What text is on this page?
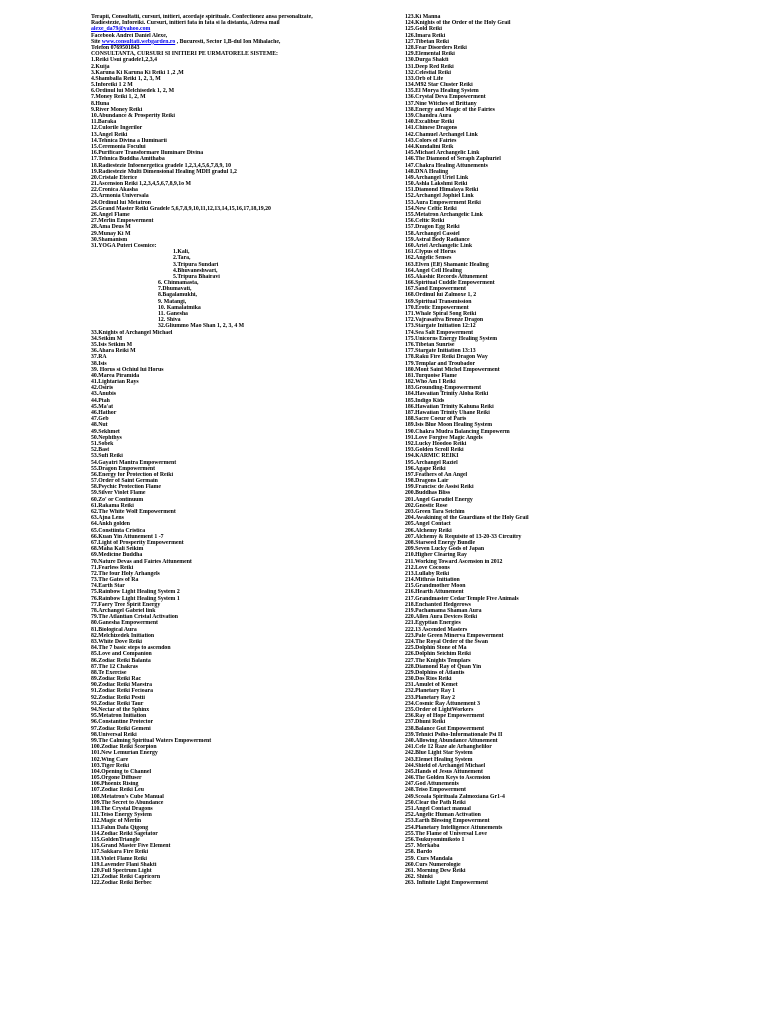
Terapii, Consultatii, cursuri, initieri, acordaje spirituale. Confectionez ansa personalizate,
Radiestezie, Inforeiki. Cursuri, initieri fata in fata si la distanta, Adresa mail
alexe_da79@yahoo.com
Facebook Andrei Daniel Alexe,
Site www.consultati.webgarden.ro , Bucuresti, Sector 1,B-dul Ion Mihalache,
Telefon 0769501843
CONSULTANTA, CURSURI SI INITIERI PE URMATORELE SISTEME:
1.Reiki Usui gradele1,2,3,4
2.Kuija
3.Karuna Ki Karuna Ki Reiki 1 ,2 ,M
4.Shamballa Reiki 1, 2, 3, M
5.Inforeiki 1 2 M
6.Ordinul lui Melchisedek 1, 2, M
7.Money Reiki 1, 2, M
8.Huna
9.River Money Reiki
10.Abundance & Prosperity Reiki
11.Baraka
12.Culorile Ingerilor
13.Angel Reiki
14.Tehnica Divina a Iluminarii
15.Ceremonia Focului
16.Purificare Transformare Iluminare Divina
17.Tehnica Buddha Amithaba
18.Radiestezie Infoenergetica gradele 1,2,3,4,5,6,7,8,9, 10
19.Radiestezie Multi Dimensional Healing MDH gradul 1,2
20.Cristale Eterice
21.Ascension Reiki 1,2,3,4,5,6,7,8,9,1o M
22.Cronica Akasha
23.Armonia Universala
24.Ordinul lui Metatron
25.Grand Master Reiki Gradele 5,6,7,8,9,10,11,12,13,14,15,16,17,18,19,20
26.Angel Flame
27.Merlin Empowerment
28.Ama Deus M
29.Munay Ki M
30.Shamanism
31.YOGA Puteri Cosmice:
1.Kali,
2.Tara,
3.Tripura Sundari
4.Bhuvaneshwari,
5.Tripura Bhairavi
6. Chinnamasta,
7.Dhumavati,
8.Bagalamukhi,
9. Matangi,
10. Kamalatmika
11. Ganesha
12. Shiva
32.Gliummo Mao Shan 1, 2, 3, 4 M
33.Knights of Archangel Michael
34.Seikim M
35.Isis Seikim M
36.Ahara Reiki M
37.RA
38.Isis
39. Horus si Ochiul lui Horus
40.Marea Piramida
41.Lightarian Rays
42.Osiris
43.Anubis
44.Ptah
45.Ma'at
46.Hathor
47.Geb
48.Nut
49.Sekhmet
50.Nephthys
51.Sobek
52.Bast
53.Sufi Reiki
54.Gayatri Mantra Empowerment
55.Dragon Empowerment
56.Energy for Protection of Reiki
57.Order of Saint Germain
58.Psychic Protection Flame
59.Silver Violet Flame
60.Zo' or Continuum
61.Rakama Reiki
62.The White Wolf Empowerment
63.Ajna Lens
64.Ankh golden
65.Constiinta Cristica
66.Kuan Yin Attunement 1 -7
67.Light of Prosperity Empowerment
68.Maha Kali Seikim
69.Medicine Buddha
70.Nature Devas and Fairies Attunement
71.Fearless Reiki
72.The four Holy Arhangels
73.The Gates of Ra
74.Earth Star
75.Rainbow Light Healing System 2
76.Rainbow Light Healing System 1
77.Faery Tree Spirit Energy
78.Archangel Gabriel link
79.The Atlantian Cristal Activation
80.Ganesha Empowerment
81.Biological Aura
82.Melchizedek Initiation
83.White Dove Reiki
84.The 7 basic steps to ascendon
85.Love and Companion
86.Zodiac Reiki Balanta
87.The 12 Chakras
88.Te Exercise
89.Zodiac Reiki Rac
90.Zodiac Reiki Maestra
91.Zodiac Reiki Fecioara
92.Zodiac Reiki Pestii
93.Zodiac Reiki Taur
94.Nectar of the Sphinx
95.Metatron Initiation
96.Constantine Protector
97.Zodiac Reiki Gemeni
98.Universal Reiki
99.The Calming Spiritual Waters Empowerment
100.Zodiac Reiki Scorpion
101.New Lemurian Energy
102.Wing Care
103.Tiger Reiki
104.Opening to Channel
105.Orgone Diffuser
106.Phoenix Rising
107.Zodiac Reiki Leu
108.Metatron's Cube Manual
109.The Secret to Abundance
110.The Crystal Dragons
111.Teiso Energy System
112.Magic of Merlin
113.Falun Dafa Qigong
114.Zodiac Reiki Sagetator
115.GoldenTriangle
116.Grand Master Five Element
117.Sakkara Fire Reiki
118.Violet Flame Reiki
119.Lavender Flani Shakti
120.Full Spectrum Light
121.Zodiac Reiki Capricorn
122.Zodiac Reiki Berbec
123.Ki Manna
124.Knights of the Order of the Holy Grail
125.Gold Reiki
126.Imara Reiki
127.Tibetan Reiki
128.Fear Disorders Reiki
129.Elemental Reiki
130.Durga Shakti
131.Deep Red Reiki
132.Celestial Reiki
133.Orb of Life
134.M92 Star Cluster Reiki
135.El Morya Healing System
136.Crystal Deva Empowerment
137.Nine Witches of Brittany
138.Energy and Magic of the Fairies
139.Chandra Aura
140.Excalibur Reiki
141.Chinese Dragons
142.Chamuel Archangel Link
143.Colors of Fairies
144.Kundalini Reik
145.Michael Archangelic Link
146.The Diamond of Seraph Zaphuriel
147.Chakra Healing Attunements
148.DNA Healing
149.Archangel Uriel Link
150.Ashla Lakshmi Reiki
151.Diamond Himalaya Reiki
152.Archangel Jophiel Link
153.Aura Empowerment Reiki
154.New Celtic Reiki
155.Metatron Archangelic Link
156.Celtic Reiki
157.Dragon Egg Reiki
158.Archangel Cassiel
159.Astral Body Radiance
160.Ariel Archangelic Link
161.Clypus of Horus
162.Angelic Senses
163.Elven (Elf) Shamanic Healing
164.Angel Cell Healing
165.Akashic Records Attunement
166.Spiritual Cuddle Empowerment
167.Sand Empowerment
168.Ordinul lui Zalmoxe 1, 2
169.Spiritual Transmission
170.Erotic Empowerment
171.Whale Spiral Song Reiki
172.Vajrasattva Bronze Dragon
173.Stargate Initiation 12:12
174.Sea Salt Empowerment
175.Unicorns Energy Healing System
176.Tibetan Sunrise
177.Stargate Initiation 13:13
178.Raku Fire Reiki Dragon Way
179.Templar and Troubador
180.Mont Saint Michel Empowerment
181.Turquoise Flame
182.Who Am I Reiki
183.Grounding-Empowerment
184.Hawaiian Trinity Aloha Reiki
185.Indigo Kids
186.Hawaiian Trinity Kahuna Reiki
187.Hawaiian Trinity Uhane Reiki
188.Sacre Coeur of Paris
189.Isis Blue Moon Healing System
190.Chakra Mudra Balancing Empowerm
191.Love Forgive Magic Angels
192.Lucky Hoodoo Reiki
193.Golden Scroll Reiki
194.KARMIC REIKI
195.Archangel Raziel
196.Agape Reiki
197.Feathers of An Angel
198.Dragons Lair
199.Francisc de Assisi Reiki
200.Buddhas Bliss
201.Angel Garudiel Energy
202.Gnostic Rose
203.Green Tara Seichim
204.Awakining of the Guardians of the Holy Grail
205.Angel Contact
206.Alchemy Reiki
207.Alchemy & Requisite of 13-20-33 Circuitry
208.Starseed Energy Bundle
209.Seven Lucky Gods of Japan
210.Higher Clearing Ray
211.Working Toward Ascension in 2012
212.Love Cocoons
213.Lullaby Reiki
214.Mithras Initiation
215.Grandmother Moon
216.Hearth Attunement
217.Grandmaster Cedar Temple Five Animals
218.Enchanted Hedgerows
219.Pachamama Shaman Aura
220.Allen Aura Devices Reiki
221.Egyptian Energies
222.13 Ascended Masters
223.Pale Green Minerva Empowerment
224.The Royal Order of the Swan
225.Dolphin Stone of Ma
226.Dolphin Seichim Reiki
227.The Knights Templars
228.Diamond Ray of Quan Yin
229.Dolphins of Atlantis
230.Dos Rios Reiki
231.Amulet of Kemet
232.Planetary Ray 1
233.Planetary Ray 2
234.Cosmic Ray Attunement 3
235.Order of LightWorkers
236.Ray of Hope Empowerment
237.Dhuni Reiki
238.Balance Gut Empowerment
239.Tehnici Psiho-Informationale Psi II
240.Allowing Abundance Attunement
241.Cele 12 Raze ale Arhanghelilor
242.Blue Light Star System
243.Elemet Healing System
244.Shield of Archangel Michael
245.Hands of Jesus Attunement
246.The Golden Keys to Ascension
247.God Attunements
248.Teiso Empowerment
249.Scoala Spirituala Zalmoxiana Gr1-4
250.Clear the Path Reiki
251.Angel Contact manual
252.Angelic Human Activation
253.Earth Blessing Empowerment
254.Planetary Intelligence Attunements
255.The Flame of Universal Love
256.Tsukuyomimikoto 1
257. Merkaba
258. Bardo
259. Curs Mandala
260.Curs Numerologie
261. Morning Dew Reiki
262. Shinki
263. Infinite Light Empowerment
